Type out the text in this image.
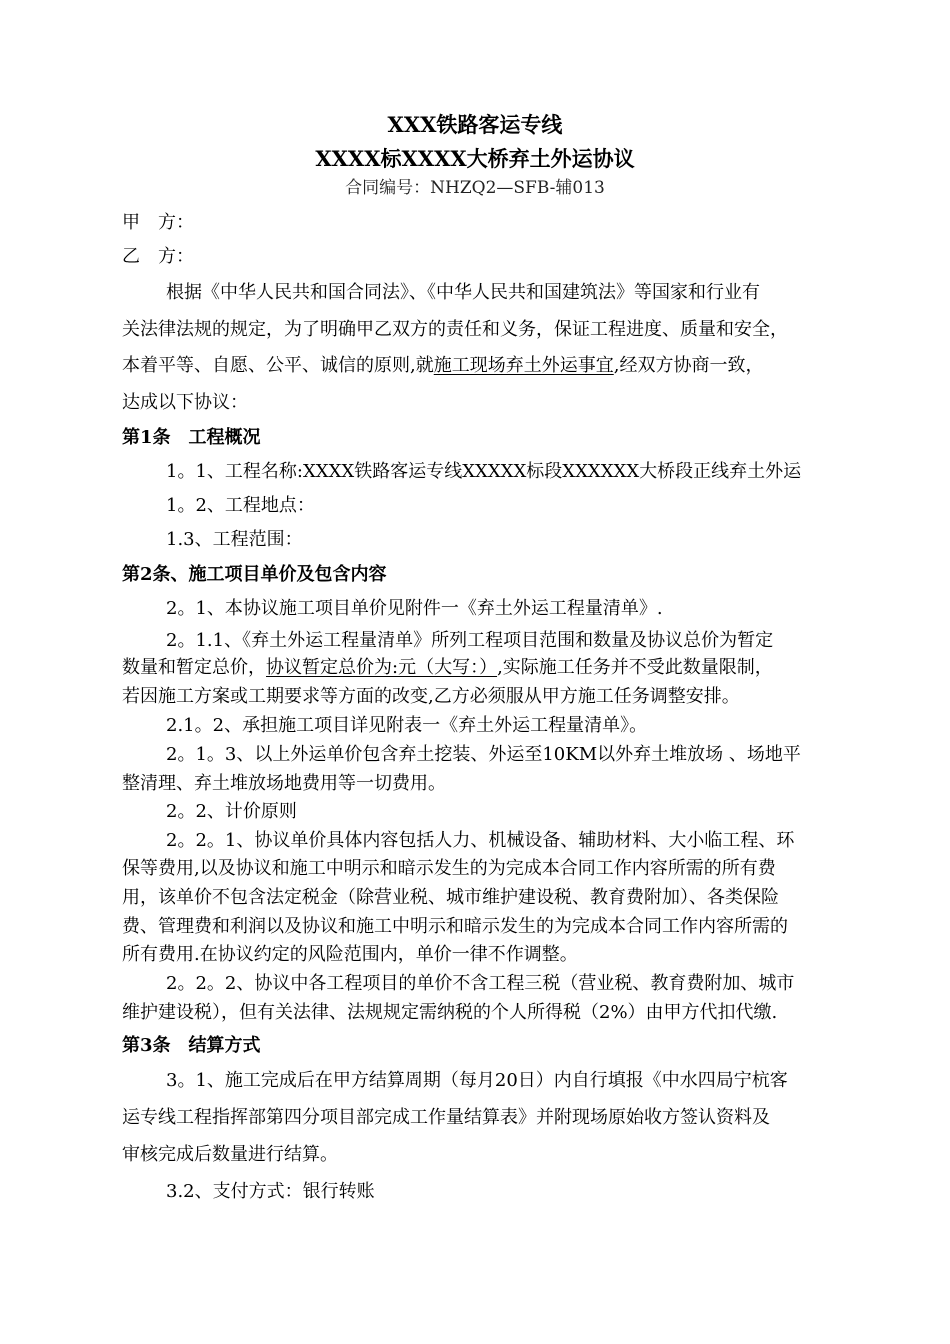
XXX铁路客运专线
XXXX标XXXX大桥弃土外运协议
合同编号：NHZQ2—SFB-辅013
甲　方：
乙　方：
根据《中华人民共和国合同法》、《中华人民共和国建筑法》等国家和行业有
关法律法规的规定，为了明确甲乙双方的责任和义务，保证工程进度、质量和安全，
本着平等、自愿、公平、诚信的原则,就施工现场弃土外运事宜,经双方协商一致，
达成以下协议：
第1条　工程概况
1。1、工程名称:XXXX铁路客运专线XXXXX标段XXXXXX大桥段正线弃土外运
1。2、工程地点：
1.3、工程范围：
第2条、施工项目单价及包含内容
2。1、本协议施工项目单价见附件一《弃土外运工程量清单》.
2。1.1、《弃土外运工程量清单》所列工程项目范围和数量及协议总价为暂定
数量和暂定总价，协议暂定总价为:元（大写：）,实际施工任务并不受此数量限制，
若因施工方案或工期要求等方面的改变,乙方必须服从甲方施工任务调整安排。
2.1。2、承担施工项目详见附表一《弃土外运工程量清单》。
2。1。3、以上外运单价包含弃土挖装、外运至10KM以外弃土堆放场 、场地平
整清理、弃土堆放场地费用等一切费用。
2。2、计价原则
2。2。1、协议单价具体内容包括人力、机械设备、辅助材料、大小临工程、环
保等费用,以及协议和施工中明示和暗示发生的为完成本合同工作内容所需的所有费
用，该单价不包含法定税金（除营业税、城市维护建设税、教育费附加）、各类保险
费、管理费和利润以及协议和施工中明示和暗示发生的为完成本合同工作内容所需的
所有费用.在协议约定的风险范围内，单价一律不作调整。
2。2。2、协议中各工程项目的单价不含工程三税（营业税、教育费附加、城市
维护建设税），但有关法律、法规规定需纳税的个人所得税（2%）由甲方代扣代缴.
第3条　结算方式
3。1、施工完成后在甲方结算周期（每月20日）内自行填报《中水四局宁杭客
运专线工程指挥部第四分项目部完成工作量结算表》并附现场原始收方签认资料及
审核完成后数量进行结算。
3.2、支付方式：银行转账
